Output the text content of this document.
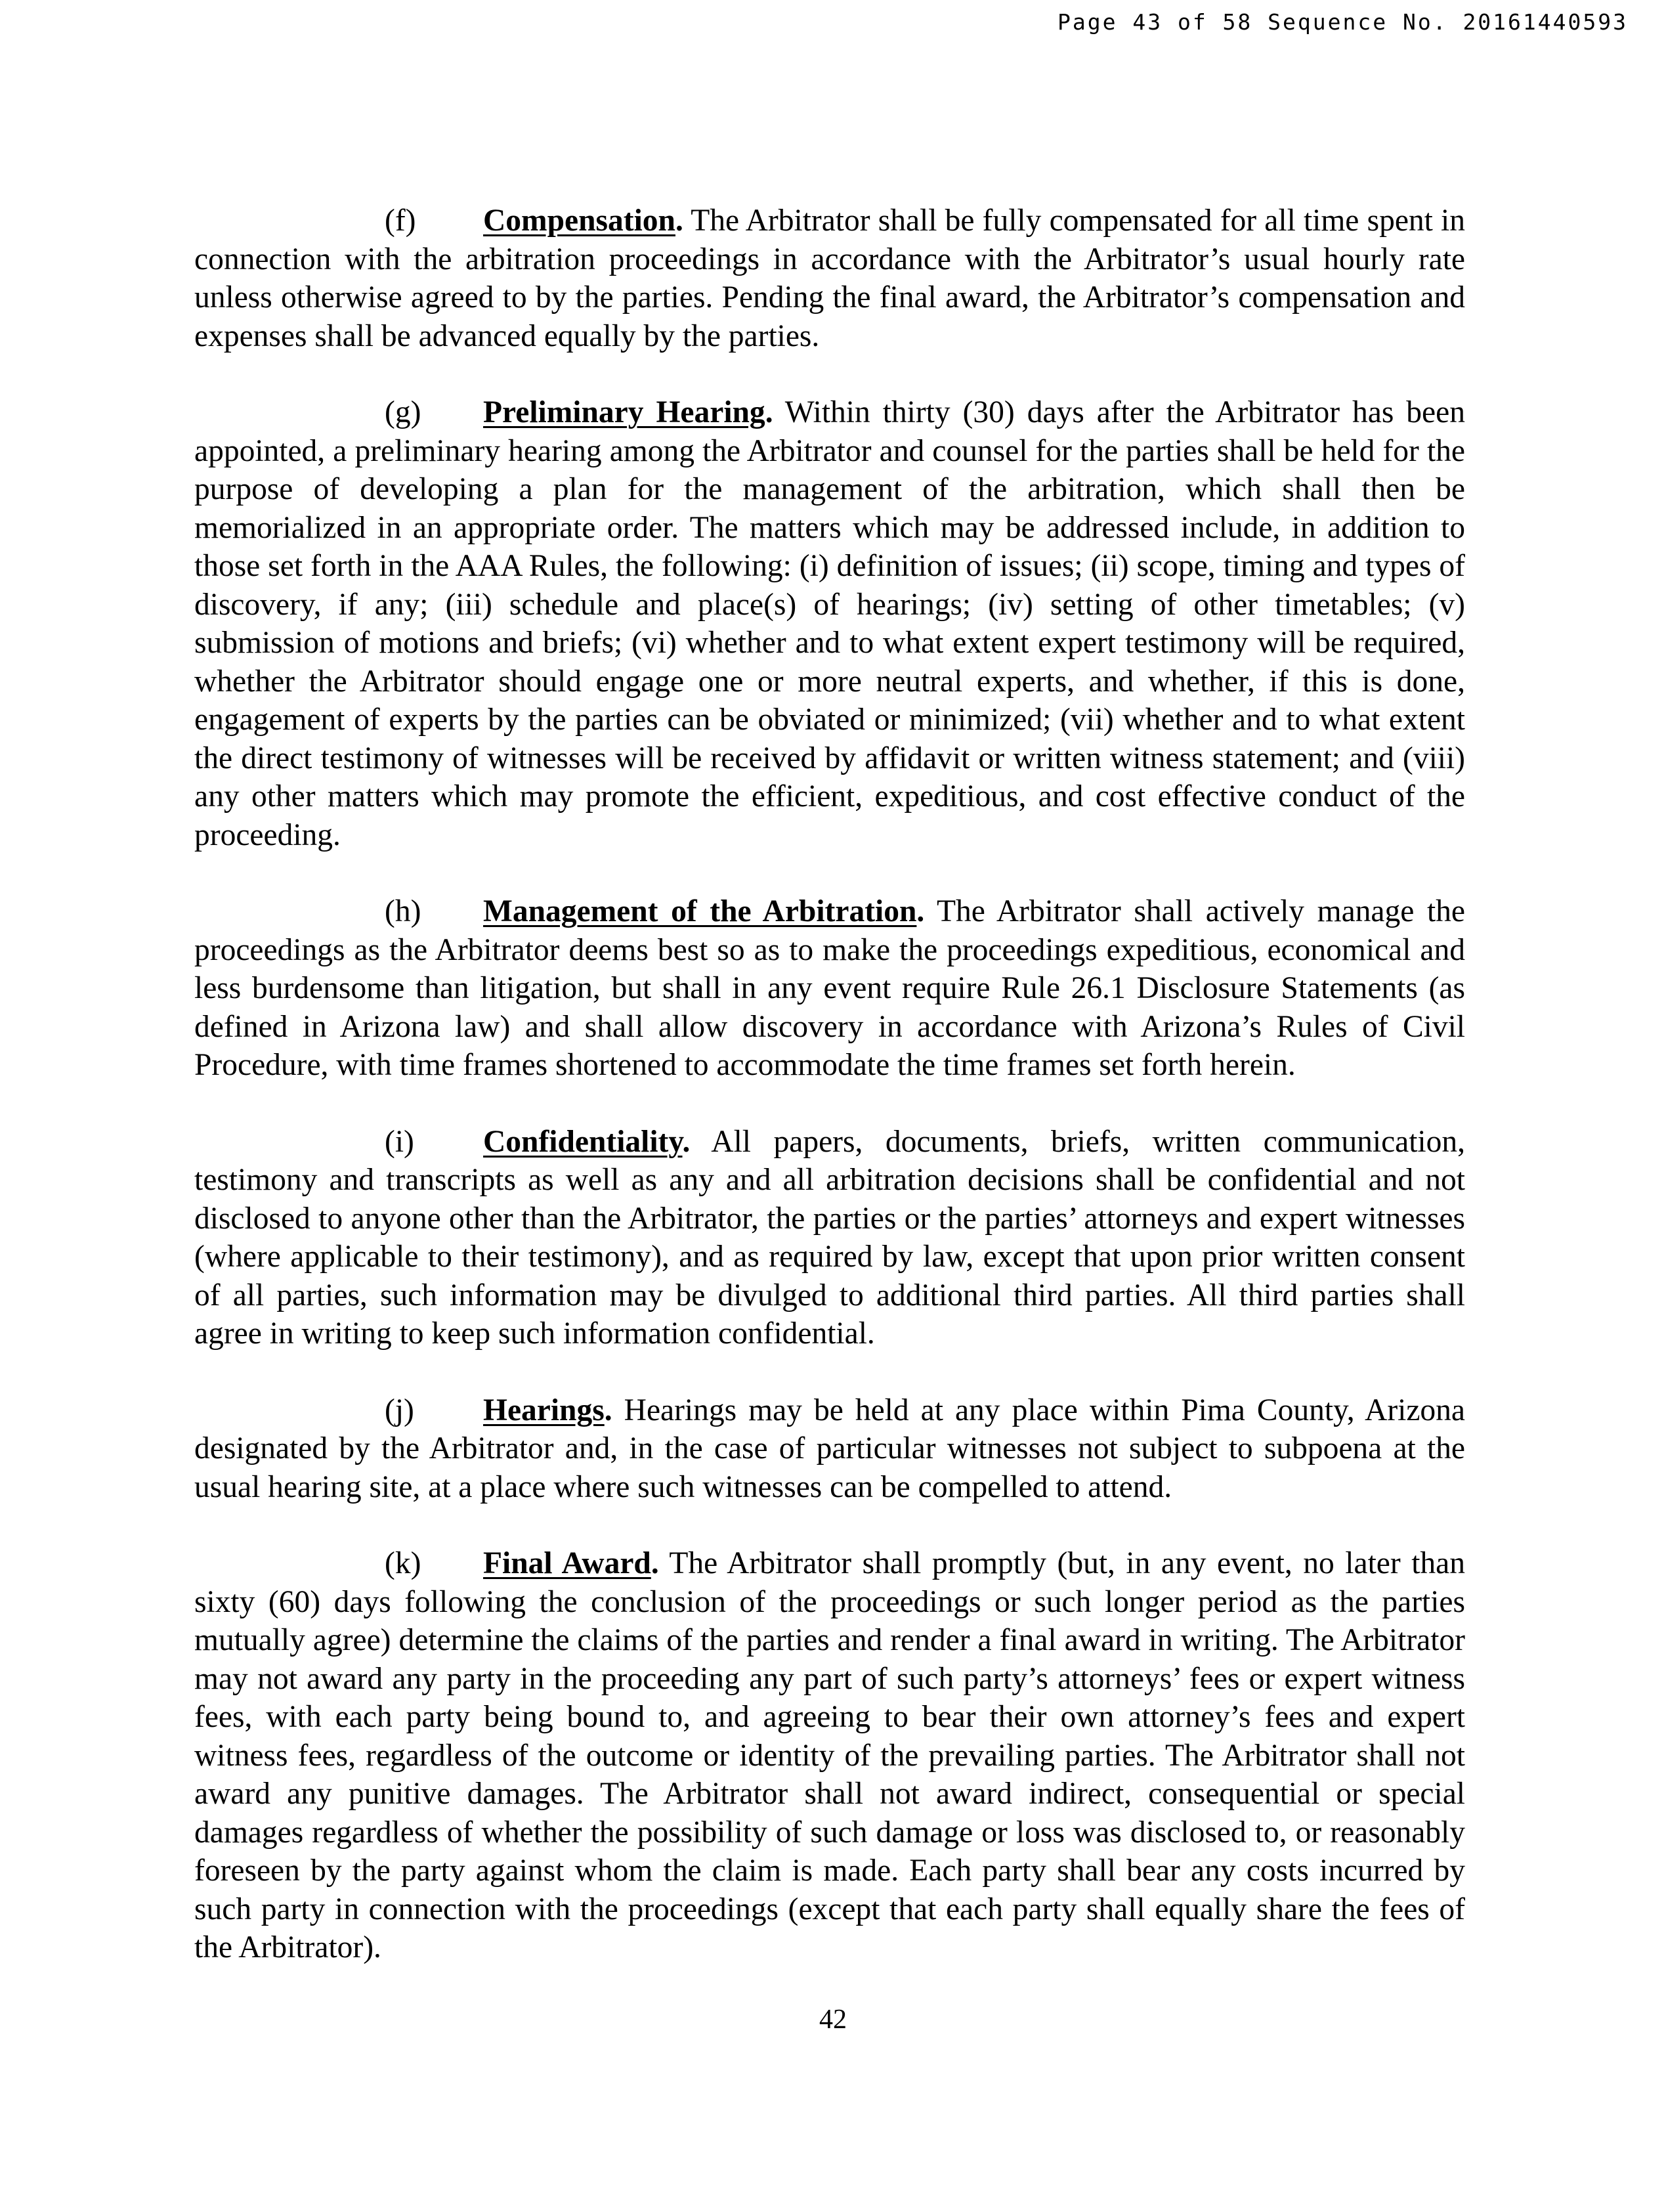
Page 43 of 58 Sequence No. 20161440593

(f) Compensation. The Arbitrator shall be fully compensated for all time spent in connection with the arbitration proceedings in accordance with the Arbitrator’s usual hourly rate unless otherwise agreed to by the parties. Pending the final award, the Arbitrator’s compensation and expenses shall be advanced equally by the parties.

(g) Preliminary Hearing. Within thirty (30) days after the Arbitrator has been appointed, a preliminary hearing among the Arbitrator and counsel for the parties shall be held for the purpose of developing a plan for the management of the arbitration, which shall then be memorialized in an appropriate order. The matters which may be addressed include, in addition to those set forth in the AAA Rules, the following: (i) definition of issues; (ii) scope, timing and types of discovery, if any; (iii) schedule and place(s) of hearings; (iv) setting of other timetables; (v) submission of motions and briefs; (vi) whether and to what extent expert testimony will be required, whether the Arbitrator should engage one or more neutral experts, and whether, if this is done, engagement of experts by the parties can be obviated or minimized; (vii) whether and to what extent the direct testimony of witnesses will be received by affidavit or written witness statement; and (viii) any other matters which may promote the efficient, expeditious, and cost effective conduct of the proceeding.

(h) Management of the Arbitration. The Arbitrator shall actively manage the proceedings as the Arbitrator deems best so as to make the proceedings expeditious, economical and less burdensome than litigation, but shall in any event require Rule 26.1 Disclosure Statements (as defined in Arizona law) and shall allow discovery in accordance with Arizona’s Rules of Civil Procedure, with time frames shortened to accommodate the time frames set forth herein.

(i) Confidentiality. All papers, documents, briefs, written communication, testimony and transcripts as well as any and all arbitration decisions shall be confidential and not disclosed to anyone other than the Arbitrator, the parties or the parties’ attorneys and expert witnesses (where applicable to their testimony), and as required by law, except that upon prior written consent of all parties, such information may be divulged to additional third parties. All third parties shall agree in writing to keep such information confidential.

(j) Hearings. Hearings may be held at any place within Pima County, Arizona designated by the Arbitrator and, in the case of particular witnesses not subject to subpoena at the usual hearing site, at a place where such witnesses can be compelled to attend.

(k) Final Award. The Arbitrator shall promptly (but, in any event, no later than sixty (60) days following the conclusion of the proceedings or such longer period as the parties mutually agree) determine the claims of the parties and render a final award in writing. The Arbitrator may not award any party in the proceeding any part of such party’s attorneys’ fees or expert witness fees, with each party being bound to, and agreeing to bear their own attorney’s fees and expert witness fees, regardless of the outcome or identity of the prevailing parties. The Arbitrator shall not award any punitive damages. The Arbitrator shall not award indirect, consequential or special damages regardless of whether the possibility of such damage or loss was disclosed to, or reasonably foreseen by the party against whom the claim is made. Each party shall bear any costs incurred by such party in connection with the proceedings (except that each party shall equally share the fees of the Arbitrator).

42
